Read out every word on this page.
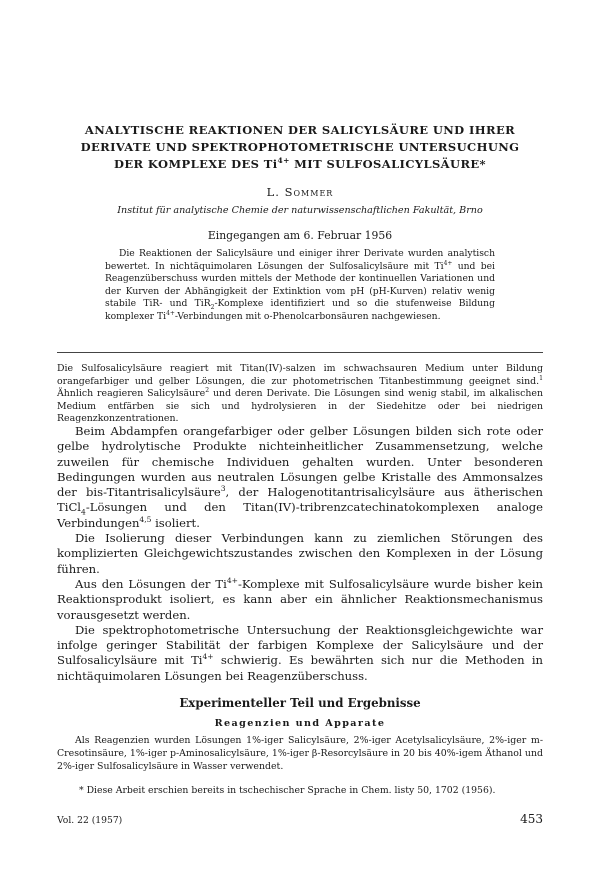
ANALYTISCHE REAKTIONEN DER SALICYLSÄURE UND IHRER
DERIVATE UND SPEKTROPHOTOMETRISCHE UNTERSUCHUNG
DER KOMPLEXE DES $Ti^{4+}$ MIT SULFOSALICYLSÄURE*

L. Sommer

Institut für analytische Chemie der naturwissenschaftlichen Fakultät, Brno

Eingegangen am 6. Februar 1956

Die Reaktionen der Salicylsäure und einiger ihrer Derivate wurden analytisch bewertet. In nichtäquimolaren Lösungen der Sulfosalicylsäure mit $Ti^{4+}$ und bei Reagenzüberschuss wurden mittels der Methode der kontinuellen Variationen und der Kurven der Abhängigkeit der Extinktion vom pH (pH-Kurven) relativ wenig stabile TiR- und TiR$_2$-Komplexe identifiziert und so die stufenweise Bildung komplexer $Ti^{4+}$-Verbindungen mit o-Phenolcarbonsäuren nachgewiesen.

Die Sulfosalicylsäure reagiert mit Titan(IV)-salzen im schwachsauren Medium unter Bildung orangefarbiger und gelber Lösungen, die zur photometrischen Titanbestimmung geeignet sind.$^1$ Ähnlich reagieren Salicylsäure$^2$ und deren Derivate. Die Lösungen sind wenig stabil, im alkalischen Medium entfärben sie sich und hydrolysieren in der Siedehitze oder bei niedrigen Reagenzkonzentrationen.

Beim Abdampfen orangefarbiger oder gelber Lösungen bilden sich rote oder gelbe hydrolytische Produkte nichteinheitlicher Zusammensetzung, welche zuweilen für chemische Individuen gehalten wurden. Unter besonderen Bedingungen wurden aus neutralen Lösungen gelbe Kristalle des Ammonsalzes der bis-Titantrisalicylsäure$^3$, der Halogenotitantrisalicylsäure aus ätherischen TiCl$_4$-Lösungen und den Titan(IV)-tribrenzcatechinatokomplexen analoge Verbindungen$^{4,5}$ isoliert.

Die Isolierung dieser Verbindungen kann zu ziemlichen Störungen des komplizierten Gleichgewichtszustandes zwischen den Komplexen in der Lösung führen.

Aus den Lösungen der $Ti^{4+}$-Komplexe mit Sulfosalicylsäure wurde bisher kein Reaktionsprodukt isoliert, es kann aber ein ähnlicher Reaktionsmechanismus vorausgesetzt werden.

Die spektrophotometrische Untersuchung der Reaktionsgleichgewichte war infolge geringer Stabilität der farbigen Komplexe der Salicylsäure und der Sulfosalicylsäure mit $Ti^{4+}$ schwierig. Es bewährten sich nur die Methoden in nichtäquimolaren Lösungen bei Reagenzüberschuss.

Experimenteller Teil und Ergebnisse
Reagenzien und Apparate

Als Reagenzien wurden Lösungen 1%-iger Salicylsäure, 2%-iger Acetylsalicylsäure, 2%-iger m-Cresotinsäure, 1%-iger p-Aminosalicylsäure, 1%-iger β-Resorcylsäure in 20 bis 40%-igem Äthanol und 2%-iger Sulfosalicylsäure in Wasser verwendet.

* Diese Arbeit erschien bereits in tschechischer Sprache in Chem. listy 50, 1702 (1956).

Vol. 22 (1957)	453
